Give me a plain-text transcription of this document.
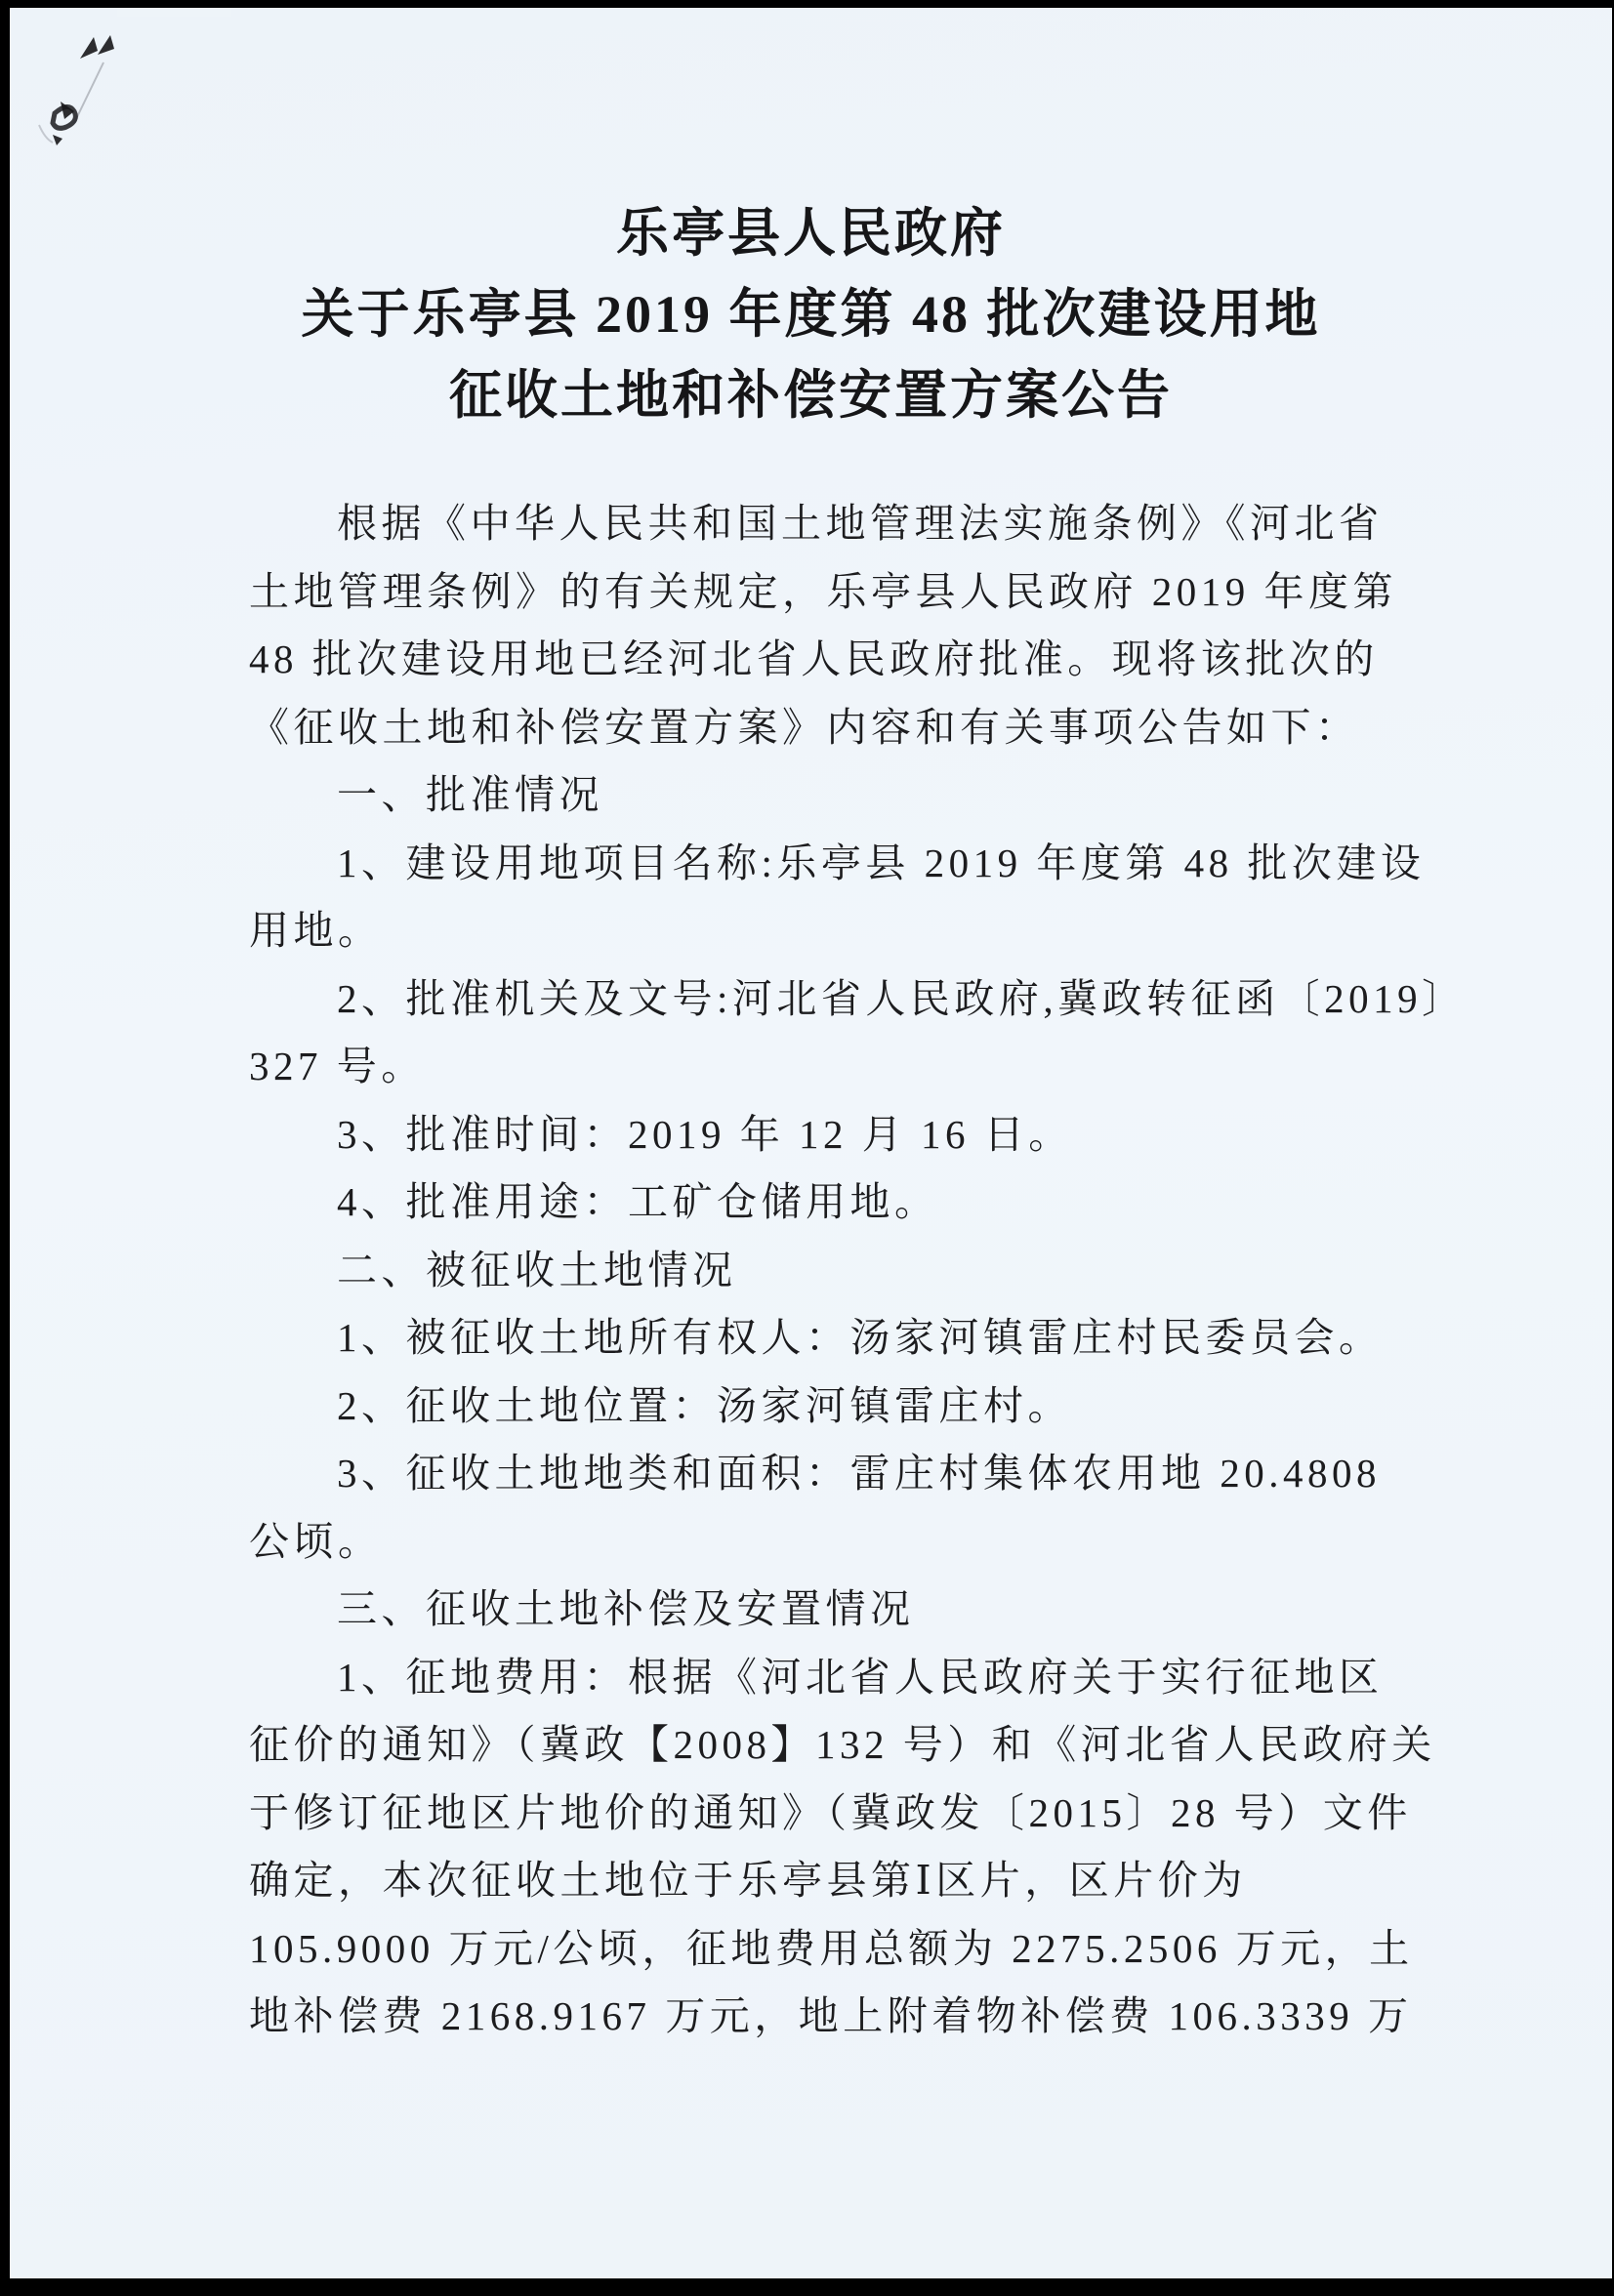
乐亭县人民政府
关于乐亭县 2019 年度第 48 批次建设用地
征收土地和补偿安置方案公告
根据《中华人民共和国土地管理法实施条例》《河北省
土地管理条例》的有关规定，乐亭县人民政府 2019 年度第
48 批次建设用地已经河北省人民政府批准。现将该批次的
《征收土地和补偿安置方案》内容和有关事项公告如下：
一、批准情况
1、建设用地项目名称:乐亭县 2019 年度第 48 批次建设
用地。
2、批准机关及文号:河北省人民政府,冀政转征函〔2019〕
327 号。
3、批准时间：2019 年 12 月 16 日。
4、批准用途：工矿仓储用地。
二、被征收土地情况
1、被征收土地所有权人：汤家河镇雷庄村民委员会。
2、征收土地位置：汤家河镇雷庄村。
3、征收土地地类和面积：雷庄村集体农用地 20.4808
公顷。
三、征收土地补偿及安置情况
1、征地费用：根据《河北省人民政府关于实行征地区
征价的通知》（冀政【2008】132 号）和《河北省人民政府关
于修订征地区片地价的通知》（冀政发〔2015〕28 号）文件
确定，本次征收土地位于乐亭县第Ⅰ区片，区片价为
105.9000 万元/公顷，征地费用总额为 2275.2506 万元，土
地补偿费 2168.9167 万元，地上附着物补偿费 106.3339 万
